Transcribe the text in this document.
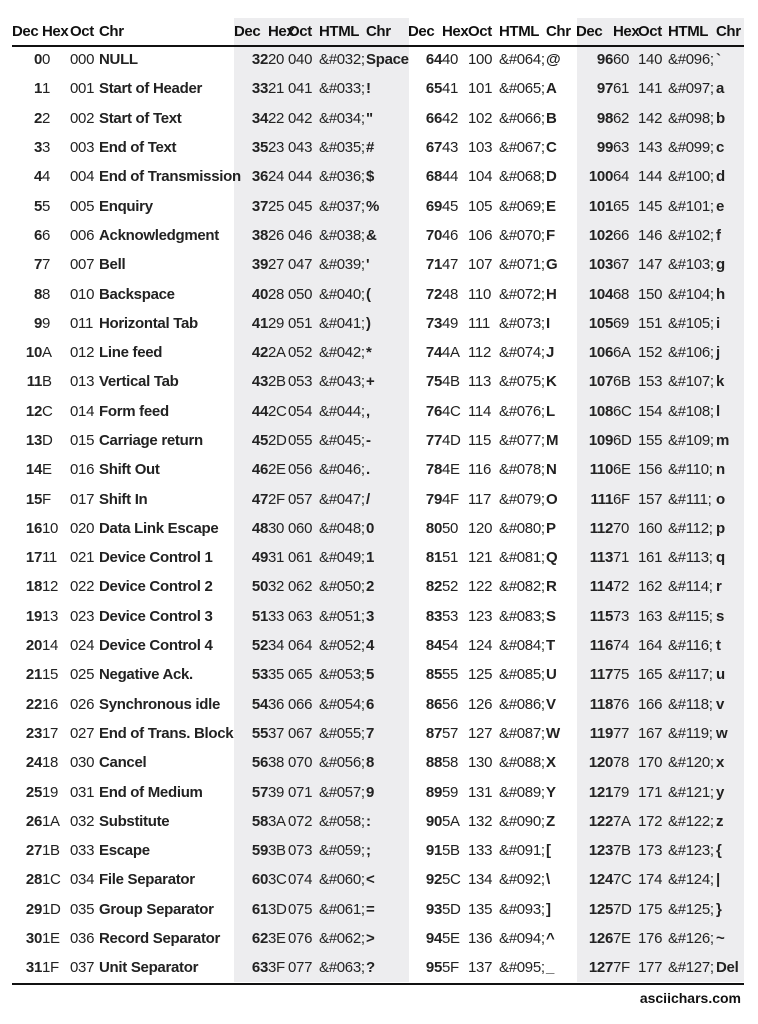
Dec	Hex	Oct	Chr	Dec	Hex	Oct	HTML	Chr	Dec	Hex	Oct	HTML	Chr	Dec	Hex	Oct	HTML	Chr
0	0	000	NULL	32	20	040	&#032;	Space	64	40	100	&#064;	@	96	60	140	&#096;	`
1	1	001	Start of Header	33	21	041	&#033;	!	65	41	101	&#065;	A	97	61	141	&#097;	a
2	2	002	Start of Text	34	22	042	&#034;	"	66	42	102	&#066;	B	98	62	142	&#098;	b
3	3	003	End of Text	35	23	043	&#035;	#	67	43	103	&#067;	C	99	63	143	&#099;	c
4	4	004	End of Transmission	36	24	044	&#036;	$	68	44	104	&#068;	D	100	64	144	&#100;	d
5	5	005	Enquiry	37	25	045	&#037;	%	69	45	105	&#069;	E	101	65	145	&#101;	e
6	6	006	Acknowledgment	38	26	046	&#038;	&	70	46	106	&#070;	F	102	66	146	&#102;	f
7	7	007	Bell	39	27	047	&#039;	'	71	47	107	&#071;	G	103	67	147	&#103;	g
8	8	010	Backspace	40	28	050	&#040;	(	72	48	110	&#072;	H	104	68	150	&#104;	h
9	9	011	Horizontal Tab	41	29	051	&#041;	)	73	49	111	&#073;	I	105	69	151	&#105;	i
10	A	012	Line feed	42	2A	052	&#042;	*	74	4A	112	&#074;	J	106	6A	152	&#106;	j
11	B	013	Vertical Tab	43	2B	053	&#043;	+	75	4B	113	&#075;	K	107	6B	153	&#107;	k
12	C	014	Form feed	44	2C	054	&#044;	,	76	4C	114	&#076;	L	108	6C	154	&#108;	l
13	D	015	Carriage return	45	2D	055	&#045;	-	77	4D	115	&#077;	M	109	6D	155	&#109;	m
14	E	016	Shift Out	46	2E	056	&#046;	.	78	4E	116	&#078;	N	110	6E	156	&#110;	n
15	F	017	Shift In	47	2F	057	&#047;	/	79	4F	117	&#079;	O	111	6F	157	&#111;	o
16	10	020	Data Link Escape	48	30	060	&#048;	0	80	50	120	&#080;	P	112	70	160	&#112;	p
17	11	021	Device Control 1	49	31	061	&#049;	1	81	51	121	&#081;	Q	113	71	161	&#113;	q
18	12	022	Device Control 2	50	32	062	&#050;	2	82	52	122	&#082;	R	114	72	162	&#114;	r
19	13	023	Device Control 3	51	33	063	&#051;	3	83	53	123	&#083;	S	115	73	163	&#115;	s
20	14	024	Device Control 4	52	34	064	&#052;	4	84	54	124	&#084;	T	116	74	164	&#116;	t
21	15	025	Negative Ack.	53	35	065	&#053;	5	85	55	125	&#085;	U	117	75	165	&#117;	u
22	16	026	Synchronous idle	54	36	066	&#054;	6	86	56	126	&#086;	V	118	76	166	&#118;	v
23	17	027	End of Trans. Block	55	37	067	&#055;	7	87	57	127	&#087;	W	119	77	167	&#119;	w
24	18	030	Cancel	56	38	070	&#056;	8	88	58	130	&#088;	X	120	78	170	&#120;	x
25	19	031	End of Medium	57	39	071	&#057;	9	89	59	131	&#089;	Y	121	79	171	&#121;	y
26	1A	032	Substitute	58	3A	072	&#058;	:	90	5A	132	&#090;	Z	122	7A	172	&#122;	z
27	1B	033	Escape	59	3B	073	&#059;	;	91	5B	133	&#091;	[	123	7B	173	&#123;	{
28	1C	034	File Separator	60	3C	074	&#060;	<	92	5C	134	&#092;	\	124	7C	174	&#124;	|
29	1D	035	Group Separator	61	3D	075	&#061;	=	93	5D	135	&#093;	]	125	7D	175	&#125;	}
30	1E	036	Record Separator	62	3E	076	&#062;	>	94	5E	136	&#094;	^	126	7E	176	&#126;	~
31	1F	037	Unit Separator	63	3F	077	&#063;	?	95	5F	137	&#095;	_	127	7F	177	&#127;	Del
asciichars.com
